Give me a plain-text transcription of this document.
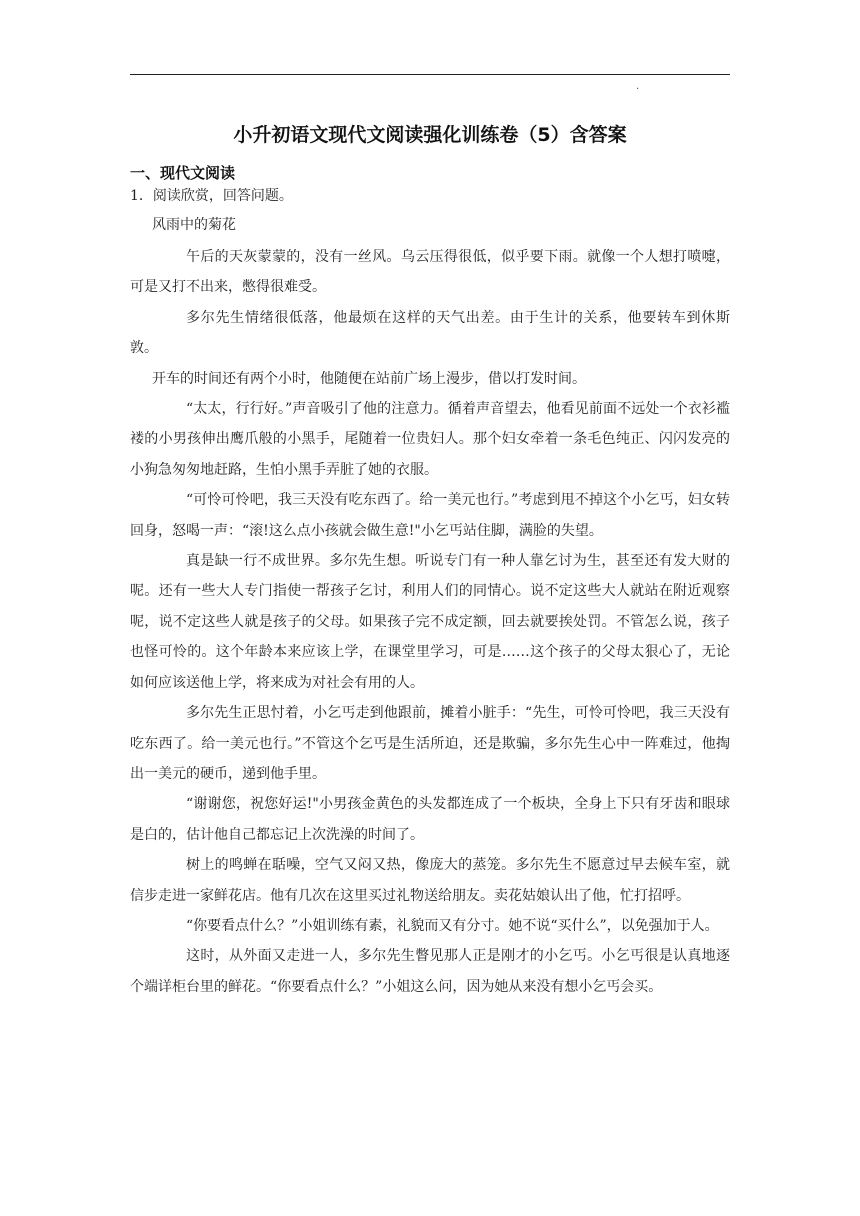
.
小升初语文现代文阅读强化训练卷（5）含答案
一、现代文阅读

1．阅读欣赏，回答问题。

风雨中的菊花

午后的天灰蒙蒙的，没有一丝风。乌云压得很低，似乎要下雨。就像一个人想打喷嚏，可是又打不出来，憋得很难受。

多尔先生情绪很低落，他最烦在这样的天气出差。由于生计的关系，他要转车到休斯敦。

开车的时间还有两个小时，他随便在站前广场上漫步，借以打发时间。

“太太，行行好。”声音吸引了他的注意力。循着声音望去，他看见前面不远处一个衣衫褴褛的小男孩伸出鹰爪般的小黑手，尾随着一位贵妇人。那个妇女牵着一条毛色纯正、闪闪发亮的小狗急匆匆地赶路，生怕小黑手弄脏了她的衣服。

“可怜可怜吧，我三天没有吃东西了。给一美元也行。”考虑到甩不掉这个小乞丐，妇女转回身，怒喝一声：“滚!这么点小孩就会做生意!"小乞丐站住脚，满脸的失望。

真是缺一行不成世界。多尔先生想。听说专门有一种人靠乞讨为生，甚至还有发大财的呢。还有一些大人专门指使一帮孩子乞讨，利用人们的同情心。说不定这些大人就站在附近观察呢，说不定这些人就是孩子的父母。如果孩子完不成定额，回去就要挨处罚。不管怎么说，孩子也怪可怜的。这个年龄本来应该上学，在课堂里学习，可是……这个孩子的父母太狠心了，无论如何应该送他上学，将来成为对社会有用的人。

多尔先生正思忖着，小乞丐走到他跟前，摊着小脏手：“先生，可怜可怜吧，我三天没有吃东西了。给一美元也行。”不管这个乞丐是生活所迫，还是欺骗，多尔先生心中一阵难过，他掏出一美元的硬币，递到他手里。

“谢谢您，祝您好运!"小男孩金黄色的头发都连成了一个板块，全身上下只有牙齿和眼球是白的，估计他自己都忘记上次洗澡的时间了。

树上的鸣蝉在聒噪，空气又闷又热，像庞大的蒸笼。多尔先生不愿意过早去候车室，就信步走进一家鲜花店。他有几次在这里买过礼物送给朋友。卖花姑娘认出了他，忙打招呼。

“你要看点什么？”小姐训练有素，礼貌而又有分寸。她不说“买什么”，以免强加于人。

这时，从外面又走进一人，多尔先生瞥见那人正是刚才的小乞丐。小乞丐很是认真地逐个端详柜台里的鲜花。“你要看点什么？”小姐这么问，因为她从来没有想小乞丐会买。
